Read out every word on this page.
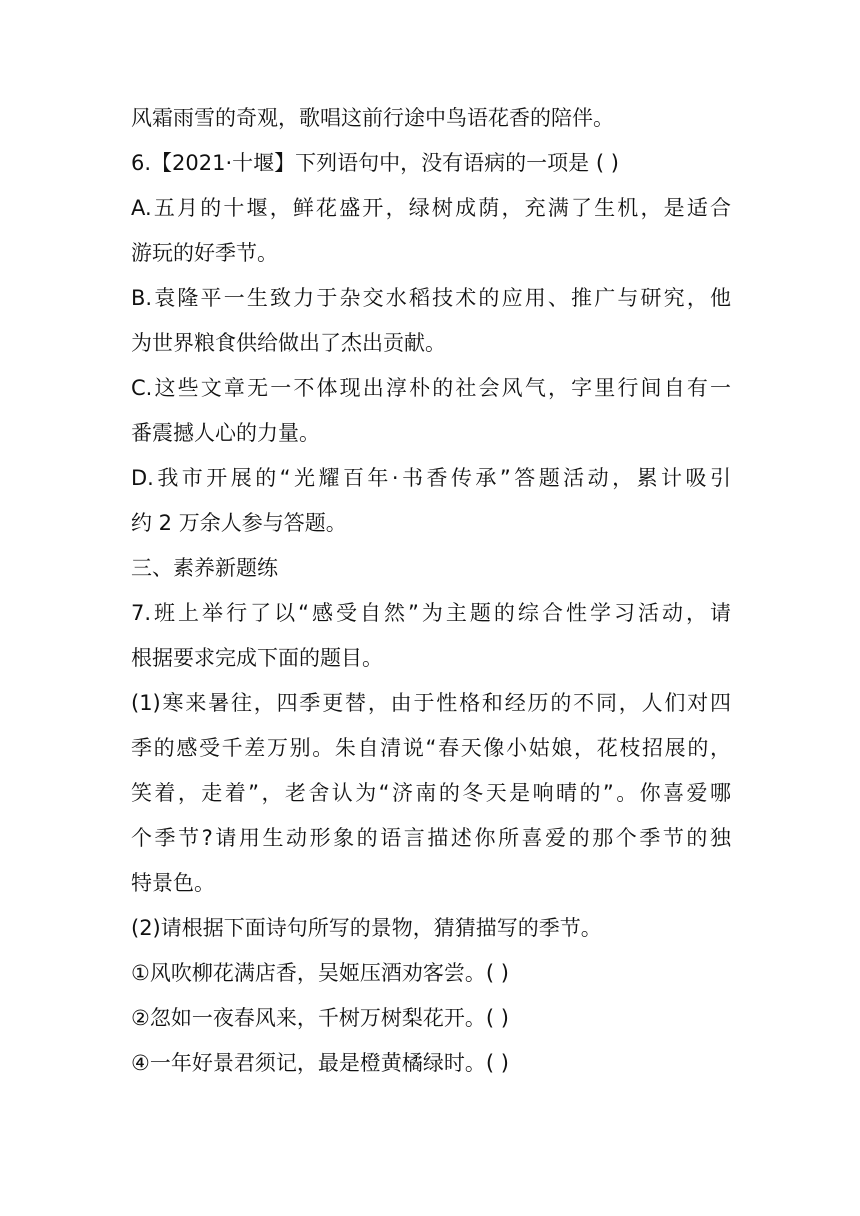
风霜雨雪的奇观，歌唱这前行途中鸟语花香的陪伴。
6.【2021·十堰】下列语句中，没有语病的一项是 ( )
A.五月的十堰，鲜花盛开，绿树成荫，充满了生机，是适合
游玩的好季节。
B.袁隆平一生致力于杂交水稻技术的应用、推广与研究，他
为世界粮食供给做出了杰出贡献。
C.这些文章无一不体现出淳朴的社会风气，字里行间自有一
番震撼人心的力量。
D.我市开展的“光耀百年·书香传承”答题活动，累计吸引
约 2 万余人参与答题。
三、素养新题练
7.班上举行了以“感受自然”为主题的综合性学习活动，请
根据要求完成下面的题目。
(1)寒来暑往，四季更替，由于性格和经历的不同，人们对四
季的感受千差万别。朱自清说“春天像小姑娘，花枝招展的，
笑着，走着”，老舍认为“济南的冬天是响晴的”。你喜爱哪
个季节?请用生动形象的语言描述你所喜爱的那个季节的独
特景色。
(2)请根据下面诗句所写的景物，猜猜描写的季节。
①风吹柳花满店香，吴姬压酒劝客尝。( )
②忽如一夜春风来，千树万树梨花开。( )
④一年好景君须记，最是橙黄橘绿时。( )
